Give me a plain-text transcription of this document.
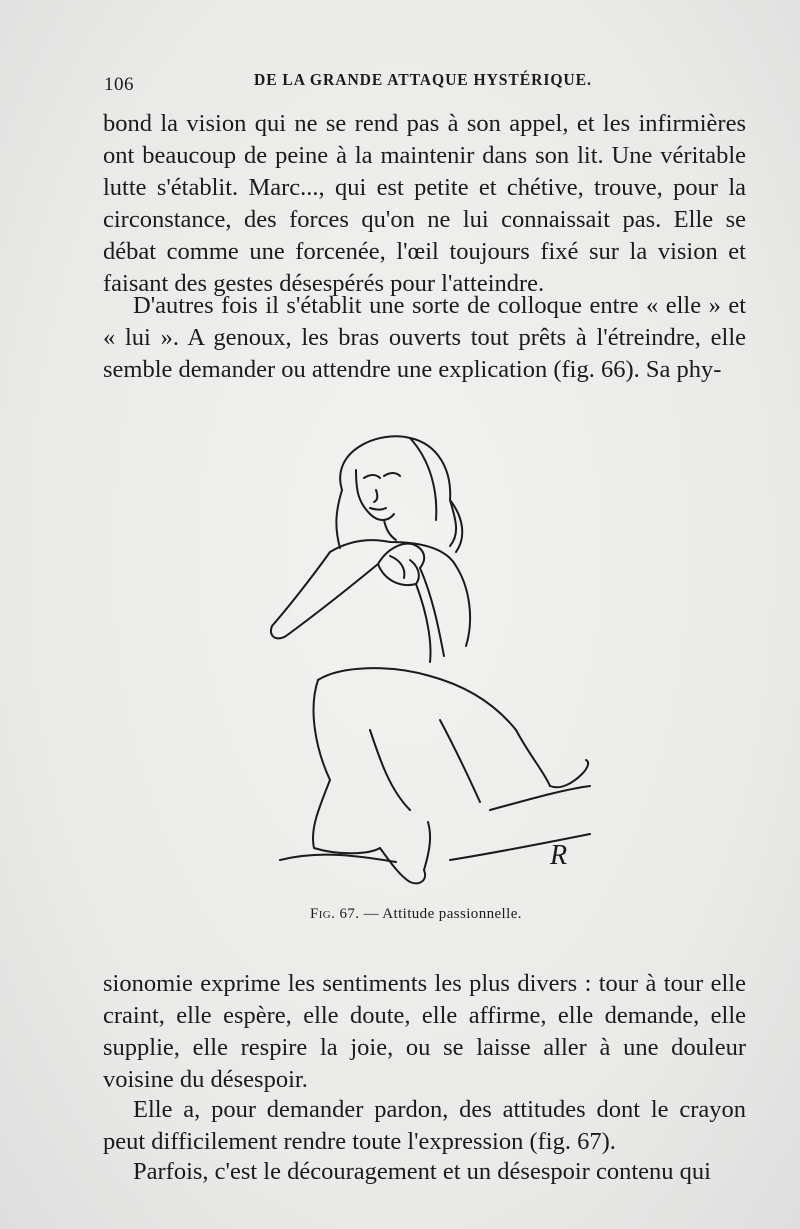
106	DE LA GRANDE ATTAQUE HYSTÉRIQUE.
bond la vision qui ne se rend pas à son appel, et les infirmières ont beaucoup de peine à la maintenir dans son lit. Une véritable lutte s'établit. Marc..., qui est petite et chétive, trouve, pour la circonstance, des forces qu'on ne lui connaissait pas. Elle se débat comme une forcenée, l'œil toujours fixé sur la vision et faisant des gestes désespérés pour l'atteindre.
D'autres fois il s'établit une sorte de colloque entre « elle » et « lui ». A genoux, les bras ouverts tout prêts à l'étreindre, elle semble demander ou attendre une explication (fig. 66). Sa phy-
R
Fig. 67. — Attitude passionnelle.
sionomie exprime les sentiments les plus divers : tour à tour elle craint, elle espère, elle doute, elle affirme, elle demande, elle supplie, elle respire la joie, ou se laisse aller à une douleur voisine du désespoir.
Elle a, pour demander pardon, des attitudes dont le crayon peut difficilement rendre toute l'expression (fig. 67).
Parfois, c'est le découragement et un désespoir contenu qui
